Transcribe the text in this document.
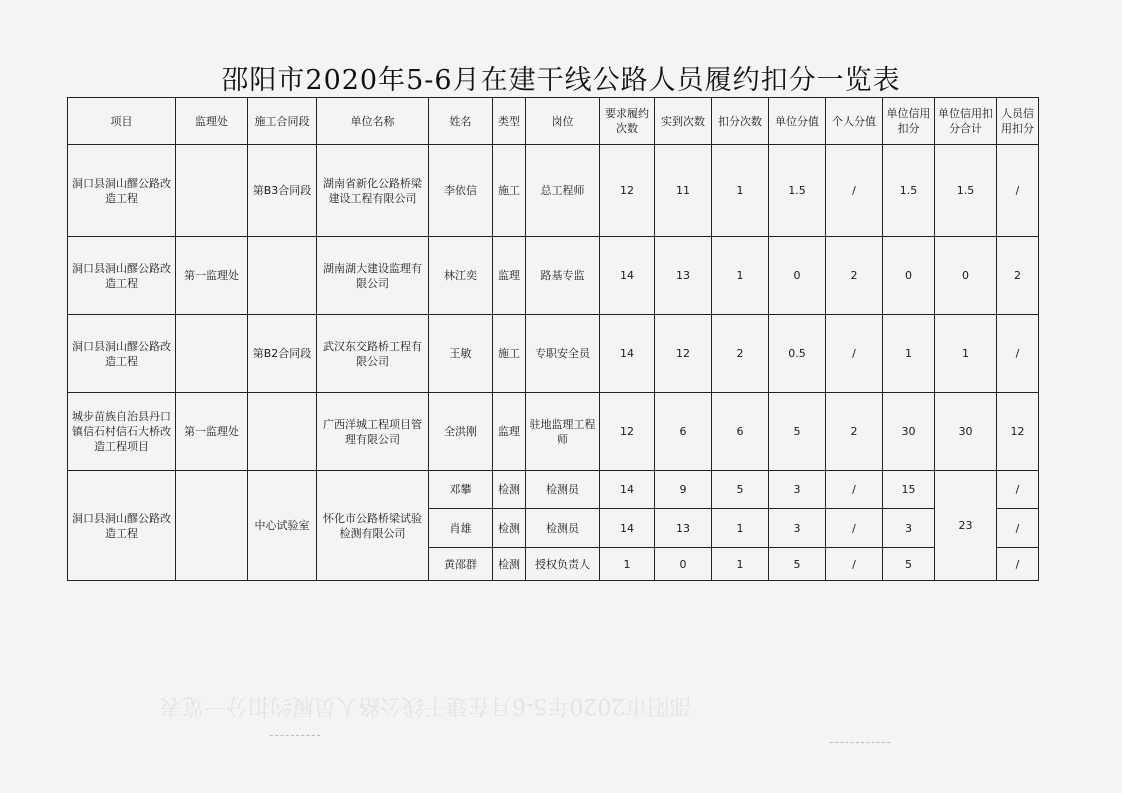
邵阳市2020年5-6月在建干线公路人员履约扣分一览表
项目	监理处	施工合同段	单位名称	姓名	类型	岗位	要求履约次数	实到次数	扣分次数	单位分值	个人分值	单位信用扣分	单位信用扣分合计	人员信用扣分
洞口县洞山醪公路改造工程		第B3合同段	湖南省新化公路桥梁建设工程有限公司	李依信	施工	总工程师	12	11	1	1.5	/	1.5	1.5	/
洞口县洞山醪公路改造工程	第一监理处		湖南湖大建设监理有限公司	林江奕	监理	路基专监	14	13	1	0	2	0	0	2
洞口县洞山醪公路改造工程		第B2合同段	武汉东交路桥工程有限公司	王敏	施工	专职安全员	14	12	2	0.5	/	1	1	/
城步苗族自治县丹口镇信石村信石大桥改造工程项目	第一监理处		广西洋城工程项目管理有限公司	全洪刚	监理	驻地监理工程师	12	6	6	5	2	30	30	12
洞口县洞山醪公路改造工程		中心试验室	怀化市公路桥梁试验检测有限公司	邓攀	检测	检测员	14	9	5	3	/	15	23	/
				肖雄	检测	检测员	14	13	1	3	/	3		/
				黄邵群	检测	授权负责人	1	0	1	5	/	5		/
邵阳市2020年5-6月在建干线公路人员履约扣分一览表
